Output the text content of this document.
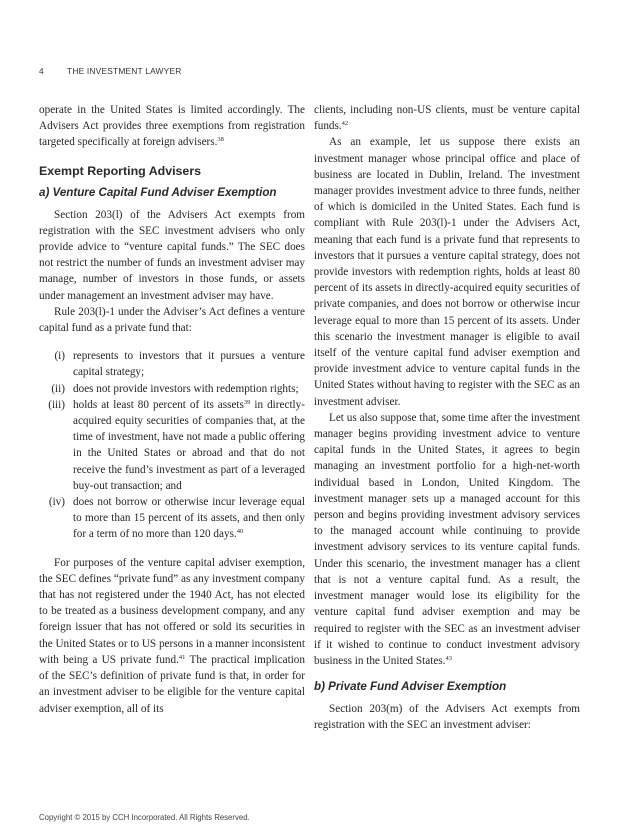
4	THE INVESTMENT LAWYER

operate in the United States is limited accordingly. The Advisers Act provides three exemptions from registration targeted specifically at foreign advisers.$^{38}$

Exempt Reporting Advisers
a) Venture Capital Fund Adviser Exemption

Section 203(l) of the Advisers Act exempts from registration with the SEC investment advisers who only provide advice to “venture capital funds.” The SEC does not restrict the number of funds an investment adviser may manage, number of investors in those funds, or assets under management an investment adviser may have.

Rule 203(l)-1 under the Adviser’s Act defines a venture capital fund as a private fund that:

(i) represents to investors that it pursues a venture capital strategy;
(ii) does not provide investors with redemption rights;
(iii) holds at least 80 percent of its assets$^{39}$ in directly-acquired equity securities of companies that, at the time of investment, have not made a public offering in the United States or abroad and that do not receive the fund’s investment as part of a leveraged buy-out transaction; and
(iv) does not borrow or otherwise incur leverage equal to more than 15 percent of its assets, and then only for a term of no more than 120 days.$^{40}$

For purposes of the venture capital adviser exemption, the SEC defines “private fund” as any investment company that has not registered under the 1940 Act, has not elected to be treated as a business development company, and any foreign issuer that has not offered or sold its securities in the United States or to US persons in a manner inconsistent with being a US private fund.$^{41}$ The practical implication of the SEC’s definition of private fund is that, in order for an investment adviser to be eligible for the venture capital adviser exemption, all of its

clients, including non-US clients, must be venture capital funds.$^{42}$

As an example, let us suppose there exists an investment manager whose principal office and place of business are located in Dublin, Ireland. The investment manager provides investment advice to three funds, neither of which is domiciled in the United States. Each fund is compliant with Rule 203(l)-1 under the Advisers Act, meaning that each fund is a private fund that represents to investors that it pursues a venture capital strategy, does not provide investors with redemption rights, holds at least 80 percent of its assets in directly-acquired equity securities of private companies, and does not borrow or otherwise incur leverage equal to more than 15 percent of its assets. Under this scenario the investment manager is eligible to avail itself of the venture capital fund adviser exemption and provide investment advice to venture capital funds in the United States without having to register with the SEC as an investment adviser.

Let us also suppose that, some time after the investment manager begins providing investment advice to venture capital funds in the United States, it agrees to begin managing an investment portfolio for a high-net-worth individual based in London, United Kingdom. The investment manager sets up a managed account for this person and begins providing investment advisory services to the managed account while continuing to provide investment advisory services to its venture capital funds. Under this scenario, the investment manager has a client that is not a venture capital fund. As a result, the investment manager would lose its eligibility for the venture capital fund adviser exemption and may be required to register with the SEC as an investment adviser if it wished to continue to conduct investment advisory business in the United States.$^{43}$

b) Private Fund Adviser Exemption

Section 203(m) of the Advisers Act exempts from registration with the SEC an investment adviser:

Copyright © 2015 by CCH Incorporated. All Rights Reserved.
